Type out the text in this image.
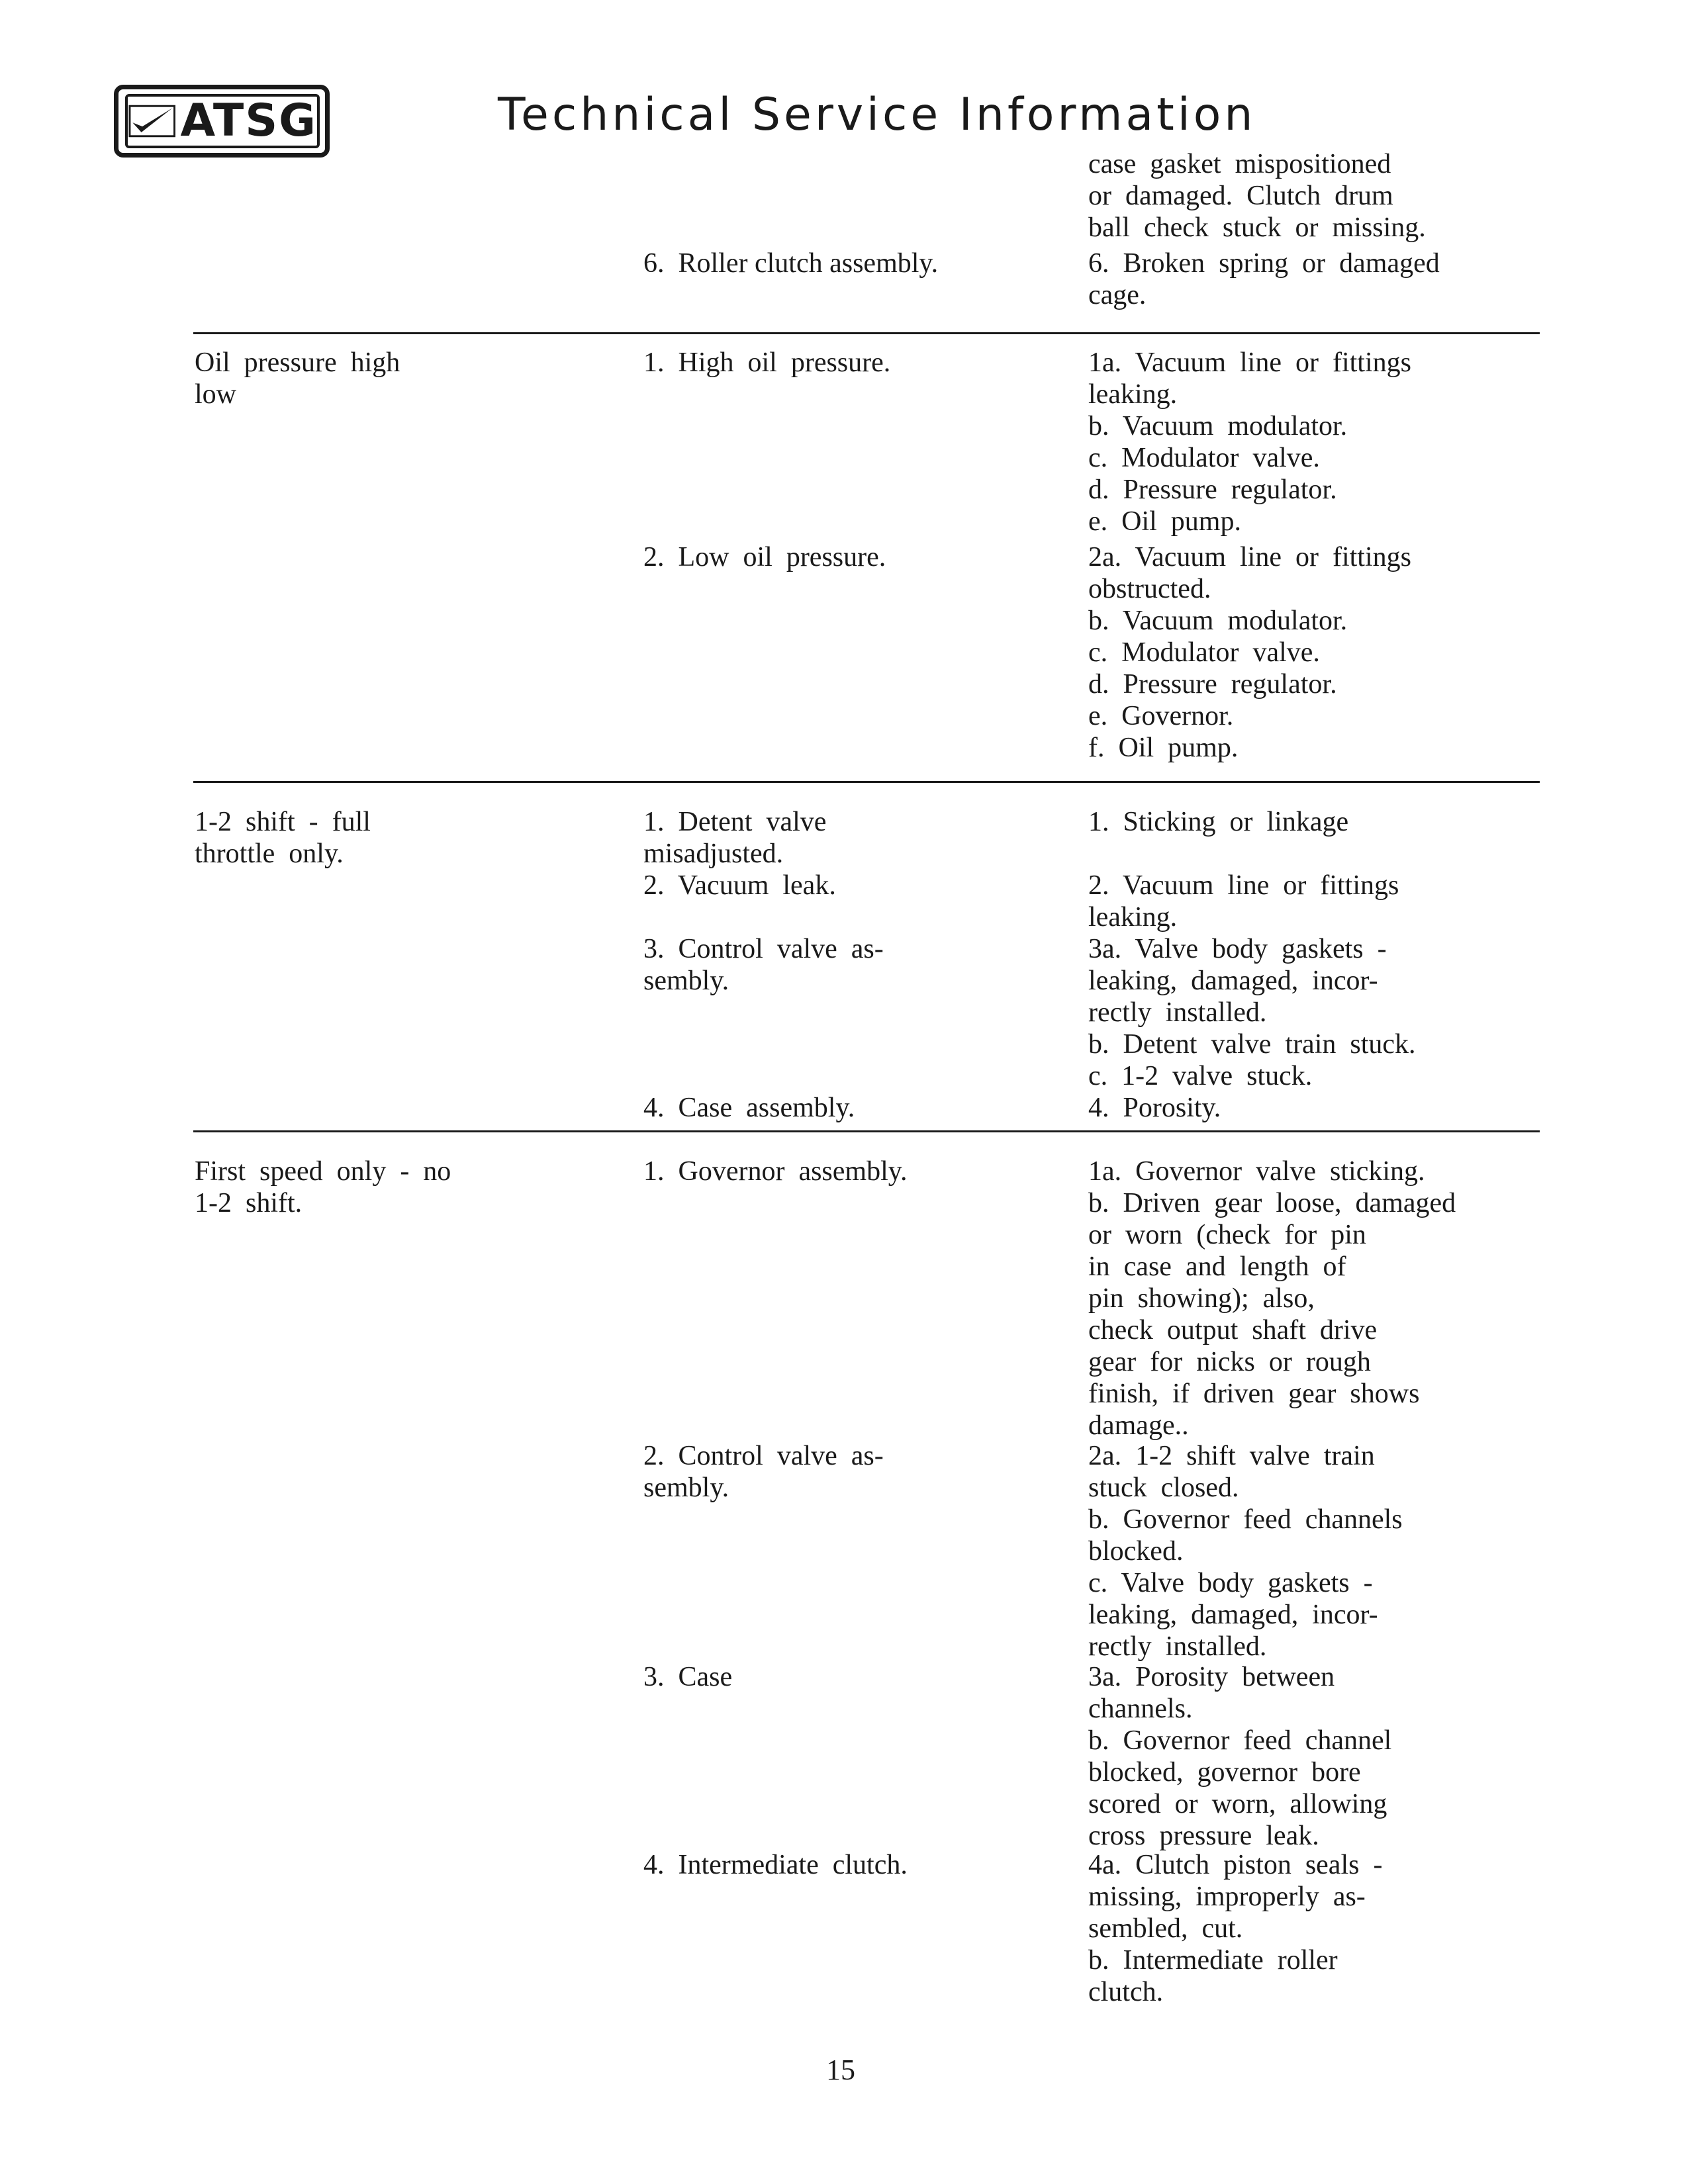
ATSG	Technical Service Information
6.  Roller clutch assembly.
case  gasket  mispositioned
or  damaged.  Clutch  drum
ball  check  stuck  or  missing.
6.  Broken  spring  or  damaged
cage.
Oil  pressure  high
low
1.  High  oil  pressure.
2.  Low  oil  pressure.
1a.  Vacuum  line  or  fittings
leaking.
b.  Vacuum  modulator.
c.  Modulator  valve.
d.  Pressure  regulator.
e.  Oil  pump.
2a.  Vacuum  line  or  fittings
obstructed.
b.  Vacuum  modulator.
c.  Modulator  valve.
d.  Pressure  regulator.
e.  Governor.
f.  Oil  pump.
1-2  shift  -  full
throttle  only.
1.  Detent  valve
misadjusted.
2.  Vacuum  leak.
3.  Control  valve  as-
sembly.
4.  Case  assembly.
1.  Sticking  or  linkage
2.  Vacuum  line  or  fittings
leaking.
3a.  Valve  body  gaskets  -
leaking,  damaged,  incor-
rectly  installed.
b.  Detent  valve  train  stuck.
c.  1-2  valve  stuck.
4.  Porosity.
First  speed  only  -  no
1-2  shift.
1.  Governor  assembly.
2.  Control  valve  as-
sembly.
3.  Case
4.  Intermediate  clutch.
1a.  Governor  valve  sticking.
b.  Driven  gear  loose,  damaged
or  worn  (check  for  pin
in  case  and  length  of
pin  showing);  also,
check  output  shaft  drive
gear  for  nicks  or  rough
finish,  if  driven  gear  shows
damage..
2a.  1-2  shift  valve  train
stuck  closed.
b.  Governor  feed  channels
blocked.
c.  Valve  body  gaskets  -
leaking,  damaged,  incor-
rectly  installed.
3a.  Porosity  between
channels.
b.  Governor  feed  channel
blocked,  governor  bore
scored  or  worn,  allowing
cross  pressure  leak.
4a.  Clutch  piston  seals  -
missing,  improperly  as-
sembled,  cut.
b.  Intermediate  roller
clutch.
15
